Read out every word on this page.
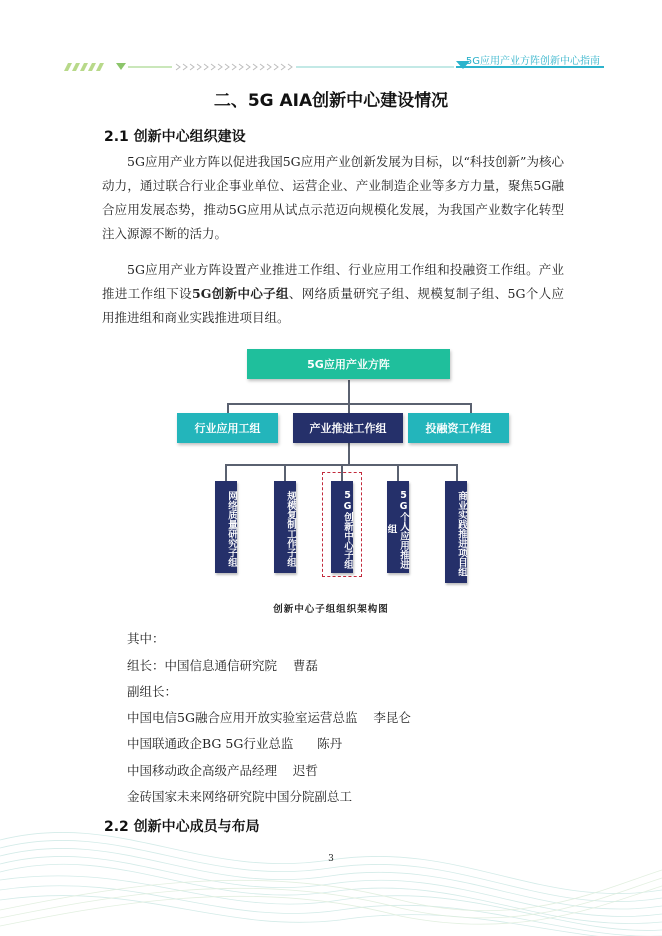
5G应用产业方阵创新中心指南
二、5G AIA创新中心建设情况
2.1 创新中心组织建设

5G应用产业方阵以促进我国5G应用产业创新发展为目标，以“科技创新”为核心动力，通过联合行业企事业单位、运营企业、产业制造企业等多方力量，聚焦5G融合应用发展态势，推动5G应用从试点示范迈向规模化发展，为我国产业数字化转型注入源源不断的活力。

5G应用产业方阵设置产业推进工作组、行业应用工作组和投融资工作组。产业推进工作组下设5G创新中心子组、网络质量研究子组、规模复制子组、5G个人应用推进组和商业实践推进项目组。

5G应用产业方阵
行业应用工组	产业推进工作组	投融资工作组
网络质量研究子组	规模复制工作子组	5G创新中心子组	5G个人应用推进组	商业实践推进项目组
创新中心子组组织架构图
其中：
组长：中国信息通信研究院    曹磊
副组长：
中国电信5G融合应用开放实验室运营总监    李昆仑
中国联通政企BG 5G行业总监      陈丹
中国移动政企高级产品经理    迟哲
金砖国家未来网络研究院中国分院副总工
2.2 创新中心成员与布局
3
